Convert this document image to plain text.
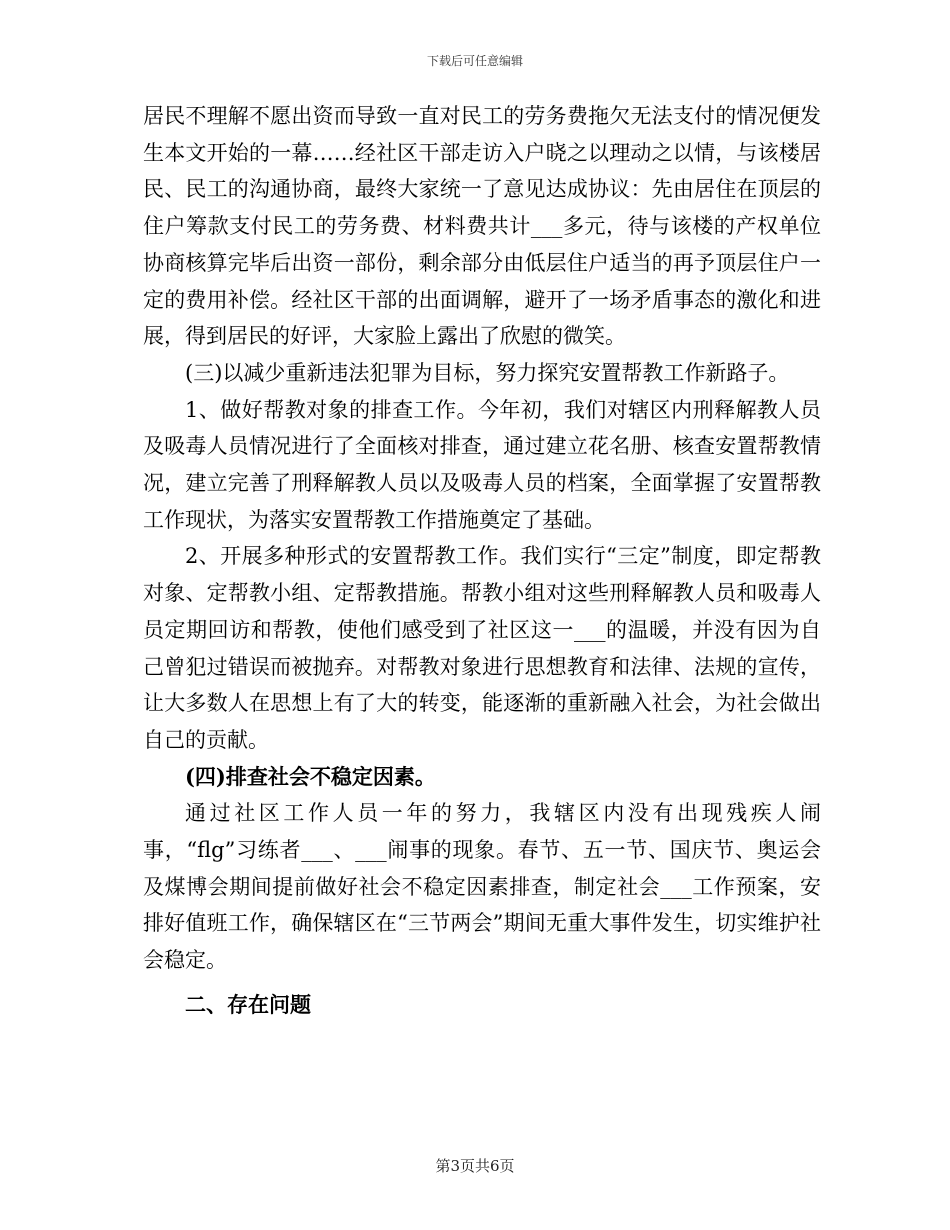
下载后可任意编辑

居民不理解不愿出资而导致一直对民工的劳务费拖欠无法支付的情况便发生本文开始的一幕……经社区干部走访入户晓之以理动之以情，与该楼居民、民工的沟通协商，最终大家统一了意见达成协议：先由居住在顶层的住户筹款支付民工的劳务费、材料费共计___多元，待与该楼的产权单位协商核算完毕后出资一部份，剩余部分由低层住户适当的再予顶层住户一定的费用补偿。经社区干部的出面调解，避开了一场矛盾事态的激化和进展，得到居民的好评，大家脸上露出了欣慰的微笑。

(三)以减少重新违法犯罪为目标，努力探究安置帮教工作新路子。

1、做好帮教对象的排查工作。今年初，我们对辖区内刑释解教人员及吸毒人员情况进行了全面核对排查，通过建立花名册、核查安置帮教情况，建立完善了刑释解教人员以及吸毒人员的档案，全面掌握了安置帮教工作现状，为落实安置帮教工作措施奠定了基础。

2、开展多种形式的安置帮教工作。我们实行“三定”制度，即定帮教对象、定帮教小组、定帮教措施。帮教小组对这些刑释解教人员和吸毒人员定期回访和帮教，使他们感受到了社区这一___的温暖，并没有因为自己曾犯过错误而被抛弃。对帮教对象进行思想教育和法律、法规的宣传，让大多数人在思想上有了大的转变，能逐渐的重新融入社会，为社会做出自己的贡献。

(四)排查社会不稳定因素。

通过社区工作人员一年的努力，我辖区内没有出现残疾人闹事，“flg”习练者___、___闹事的现象。春节、五一节、国庆节、奥运会及煤博会期间提前做好社会不稳定因素排查，制定社会___工作预案，安排好值班工作，确保辖区在“三节两会”期间无重大事件发生，切实维护社会稳定。

二、存在问题

第3页共6页
